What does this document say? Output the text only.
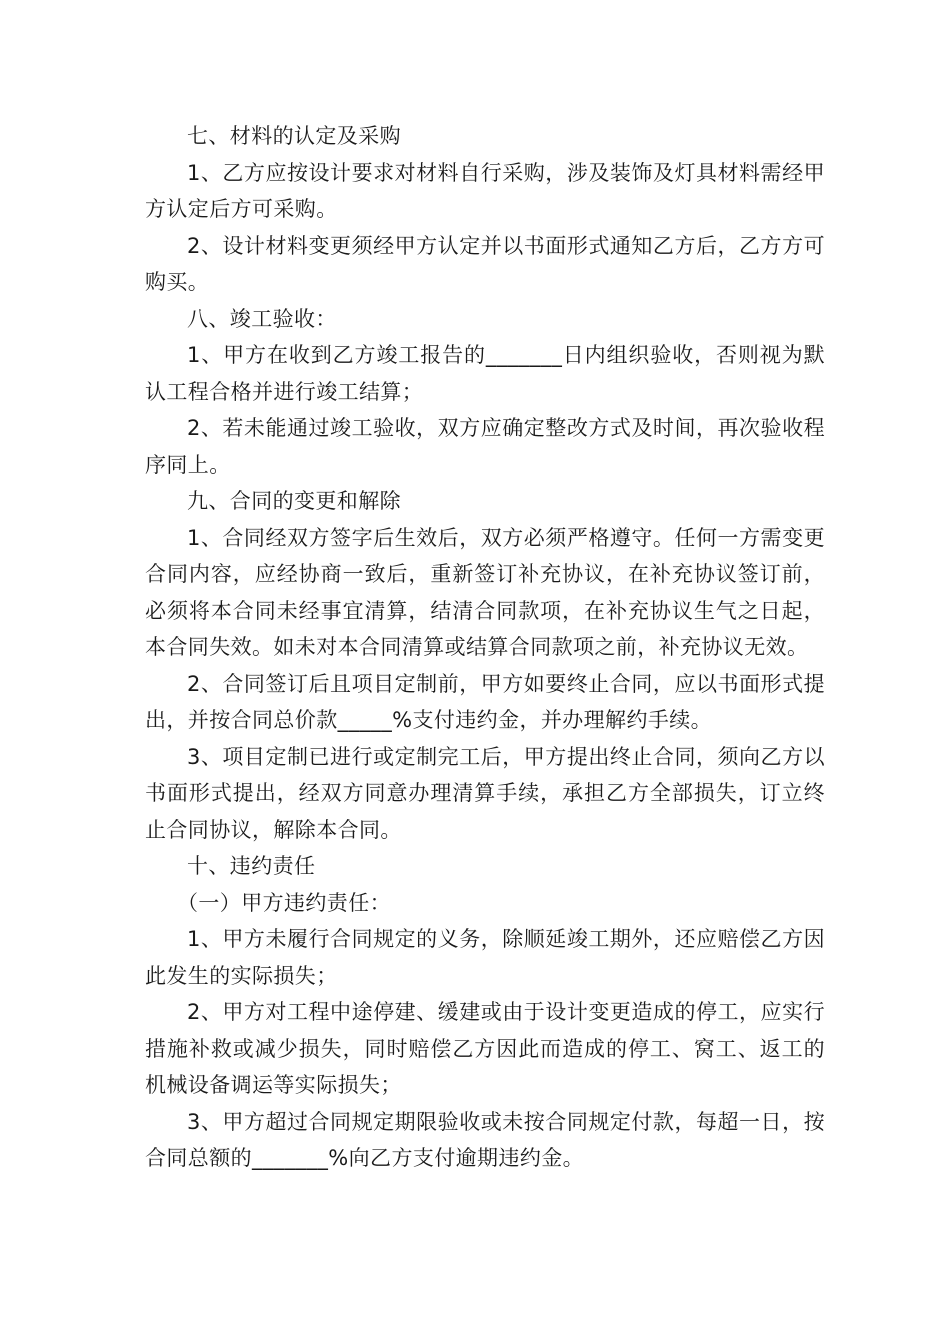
七、材料的认定及采购

1、乙方应按设计要求对材料自行采购，涉及装饰及灯具材料需经甲方认定后方可采购。

2、设计材料变更须经甲方认定并以书面形式通知乙方后，乙方方可购买。

八、竣工验收：

1、甲方在收到乙方竣工报告的_______日内组织验收，否则视为默认工程合格并进行竣工结算；

2、若未能通过竣工验收，双方应确定整改方式及时间，再次验收程序同上。

九、合同的变更和解除

1、合同经双方签字后生效后，双方必须严格遵守。任何一方需变更合同内容，应经协商一致后，重新签订补充协议，在补充协议签订前，必须将本合同未经事宜清算，结清合同款项，在补充协议生气之日起，本合同失效。如未对本合同清算或结算合同款项之前，补充协议无效。

2、合同签订后且项目定制前，甲方如要终止合同，应以书面形式提出，并按合同总价款_____%支付违约金，并办理解约手续。

3、项目定制已进行或定制完工后，甲方提出终止合同，须向乙方以书面形式提出，经双方同意办理清算手续，承担乙方全部损失，订立终止合同协议，解除本合同。

十、违约责任

（一）甲方违约责任：

1、甲方未履行合同规定的义务，除顺延竣工期外，还应赔偿乙方因此发生的实际损失；

2、甲方对工程中途停建、缓建或由于设计变更造成的停工，应实行措施补救或减少损失，同时赔偿乙方因此而造成的停工、窝工、返工的机械设备调运等实际损失；

3、甲方超过合同规定期限验收或未按合同规定付款，每超一日，按合同总额的_______%向乙方支付逾期违约金。
